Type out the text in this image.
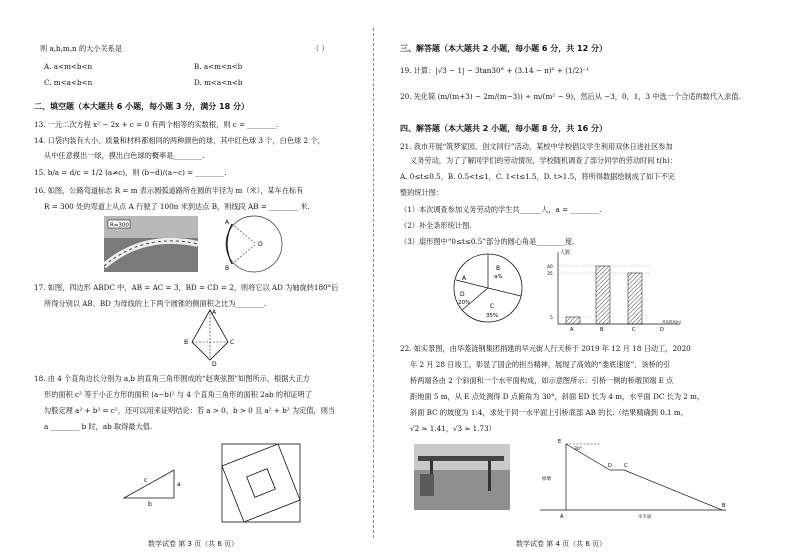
则 a,b,m,n 的大小关系是	（ ）
A. a<m<b<n	B. a<m<n<b
C. m<a<b<n	D. m<a<n<b
二、填空题（本大题共 6 小题，每小题 3 分，满分 18 分）
13. 一元二次方程 x² − 2x + c = 0 有两个相等的实数根，则 c = ________.
14. 口袋内装有大小、质量和材料都相同的两种颜色的球，其中红色球 3 个，白色球 2 个，
从中任意摸出一球，摸出白色球的概率是________.
15. b/a = d/c = 1/2 (a≠c)，则 (b−d)/(a−c) = ________.
16. 如图，公路弯道标志 R = m 表示圆弧道路所在圆的半径为 m（米），某车在标有
R = 300 处的弯道上从点 A 行驶了 100π 米到达点 B，则线段 AB = ________ 米.
R=300	A
B
O
17. 如图，四边形 ABDC 中，AB = AC = 3，BD = CD = 2，则将它以 AD 为轴旋转180°后
所得分别以 AB、BD 为母线的上下两个圆锥的侧面积之比为________.
A
B	C
D
18. 由 4 个直角边长分别为 a,b 的直角三角形围成的“赵爽弦图”如图所示，根据大正方
形的面积 c² 等于小正方形的面积 (a−b)² 与 4 个直角三角形的面积 2ab 的和证明了
勾股定理 a² + b² = c²，还可以用来证明结论：若 a > 0、b > 0 且 a² + b² 为定值，则当
a ________ b 时，ab 取得最大值.
c
a
b
数学试卷 第 3 页（共 6 页）
三、解答题（本大题共 2 小题，每小题 6 分，共 12 分）
19. 计算：|√3 − 1| − 3tan30° + (3.14 − π)⁰ + (1/2)⁻¹
20. 先化简 (m/(m+3) − 2m/(m−3)) ÷ m/(m² − 9)，然后从 −3，0，1，3 中选一个合适的数代入求值.
四、解答题（本大题共 2 小题，每小题 8 分，共 16 分）
21. 我市开展“筑梦家园，创文同行”活动，某校中学校倡议学生利用双休日进社区参加
义务劳动，为了了解同学们的劳动情况，学校随机调查了部分同学的劳动时间 t(h)：
A. 0≤t≤0.5，B. 0.5<t≤1，C. 1<t≤1.5，D. t>1.5，将所得数据绘制成了如下不完
整的统计图：
（1）本次调查参加义务劳动的学生共______人，a = ________.
（2）补全条形统计图.
（3）扇形图中“0≤t≤0.5”部分的圆心角是________度.
A
B
a%
C
35%
D
20%
人数
40
35
5
A	B	C	D
劳动时间(h)
22. 如实景图，由华菱涟钢集团捐建的早元街人行天桥于 2019 年 12 月 18 日动工，2020
年 2 月 28 日竣工，彰显了国企的担当精神，展现了高效的“娄底速度”．该桥的引
桥两端各由 2 个斜面和一个水平面构成，如示意图所示：引桥一侧的桥墩顶端 E 点
距地面 5 m，从 E 点处测得 D 点俯角为 30°，斜面 ED 长为 4 m，水平面 DC 长为 2 m，
斜面 BC 的坡度为 1:4，求处于同一水平面上引桥底部 AB 的长.（结果精确到 0.1 m，
√2 ≈ 1.41，√3 ≈ 1.73）
E
30°
D C
B
A	水平面
桥墩
数学试卷 第 4 页（共 6 页）
